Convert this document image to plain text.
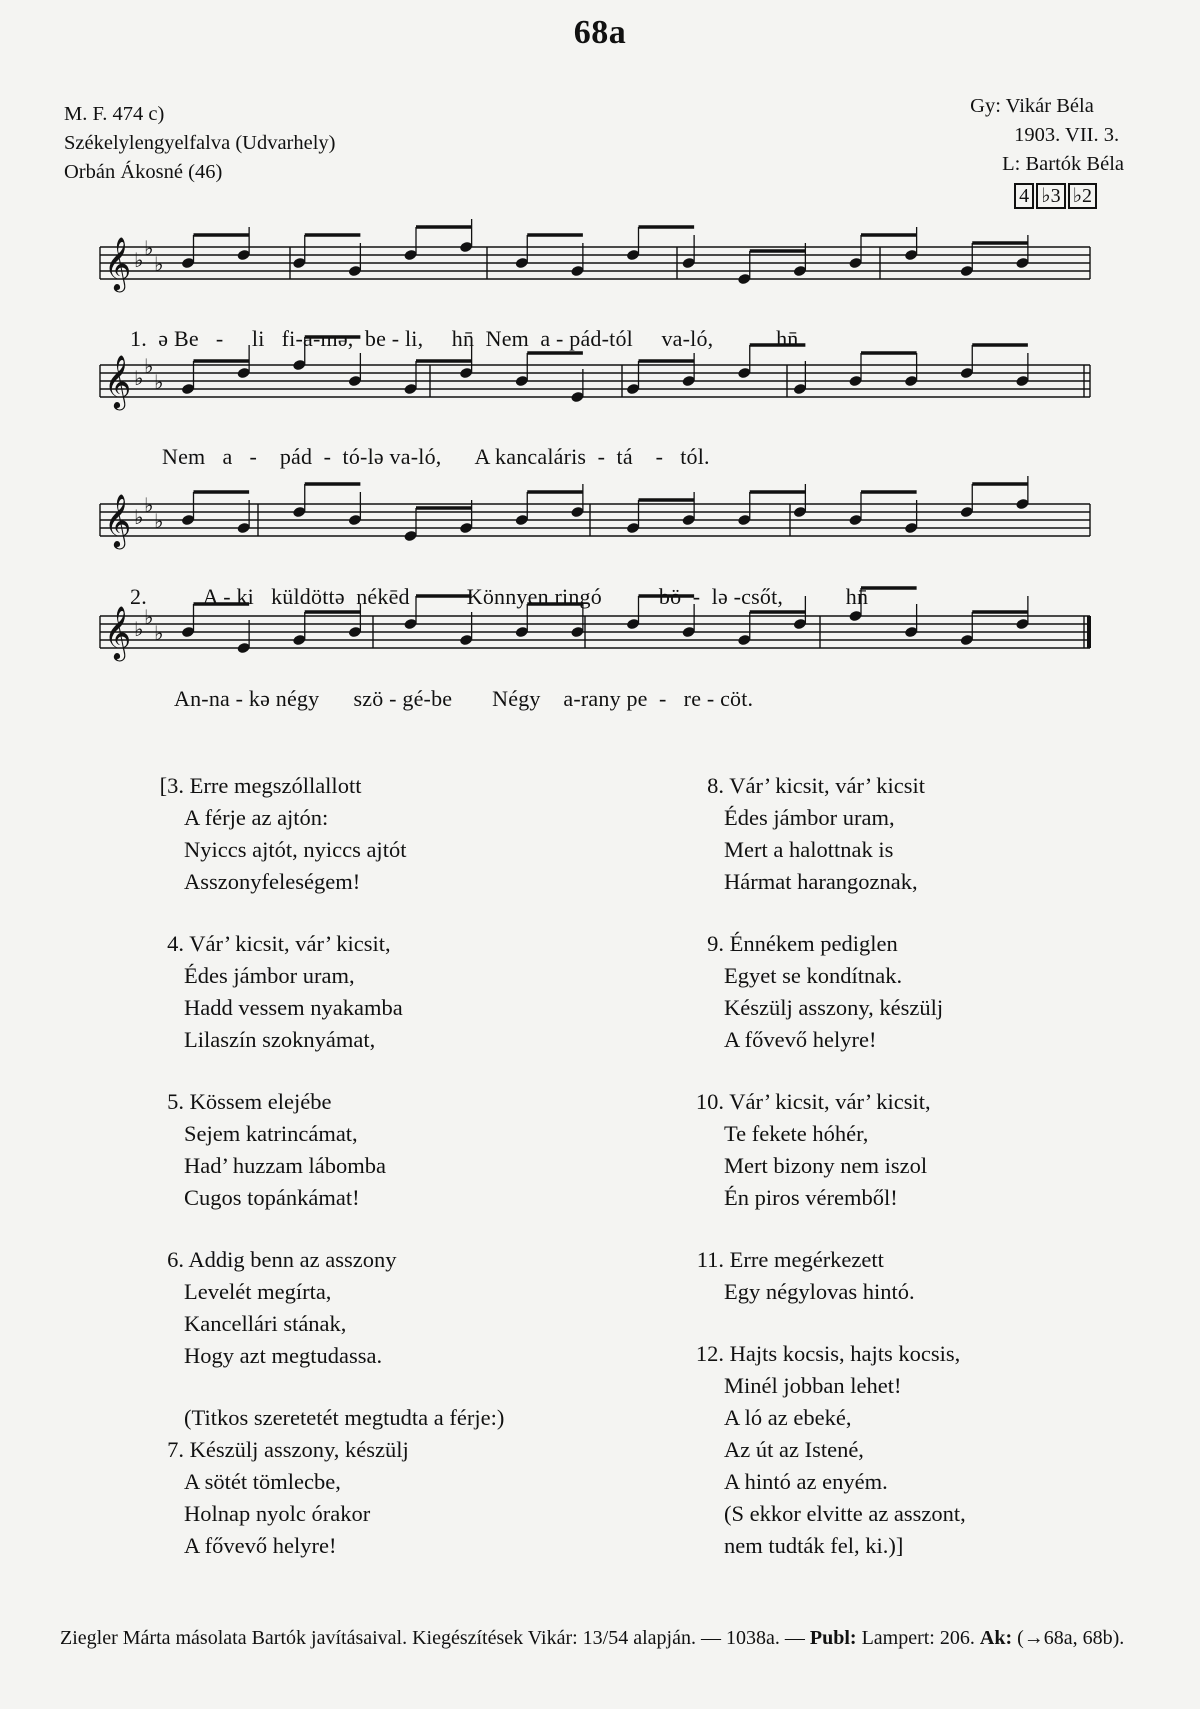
68a
M. F. 474 c)
Székelylengyelfalva (Udvarhely)
Orbán Ákosné (46)
Gy: Vikár Béla
1903. VII. 3.
L: Bartók Béla
4 ♭3 ♭2
𝄞 ♭ ♭
♭
𝄞 ♭ ♭
♭
𝄞 ♭ ♭
♭
𝄞 ♭ ♭
♭
1.  ə Be   -     li   fi-a-mə,  be - li,     hn̄  Nem  a - pád-tól     va-ló,           hn̄
Nem   a   -    pád  -  tó-lə va-ló,      A kancaláris  -  tá    -   tól.
2.          A - ki   küldöttə  nékēd          Könnyen ringó          bö  -  lə -csőt,           hn̄
An-na - kə négy      szö - gé-be       Négy    a-rany pe  -   re - cöt.
[3. Erre megszóllallott
A férje az ajtón:
Nyiccs ajtót, nyiccs ajtót
Asszonyfeleségem!
4. Vár’ kicsit, vár’ kicsit,
Édes jámbor uram,
Hadd vessem nyakamba
Lilaszín szoknyámat,
5. Kössem elejébe
Sejem katrincámat,
Had’ huzzam lábomba
Cugos topánkámat!
6. Addig benn az asszony
Levelét megírta,
Kancellári stának,
Hogy azt megtudassa.
(Titkos szeretetét megtudta a férje:)
7. Készülj asszony, készülj
A sötét tömlecbe,
Holnap nyolc órakor
A fővevő helyre!
8. Vár’ kicsit, vár’ kicsit
Édes jámbor uram,
Mert a halottnak is
Hármat harangoznak,
9. Énnékem pediglen
Egyet se kondítnak.
Készülj asszony, készülj
A fővevő helyre!
10. Vár’ kicsit, vár’ kicsit,
Te fekete hóhér,
Mert bizony nem iszol
Én piros véremből!
11. Erre megérkezett
Egy négylovas hintó.
12. Hajts kocsis, hajts kocsis,
Minél jobban lehet!
A ló az ebeké,
Az út az Istené,
A hintó az enyém.
(S ekkor elvitte az asszont,
nem tudták fel, ki.)]
Ziegler Márta másolata Bartók javításaival. Kiegészítések Vikár: 13/54 alapján. — 1038a. — Publ: Lampert: 206. Ak: (→68a, 68b).
